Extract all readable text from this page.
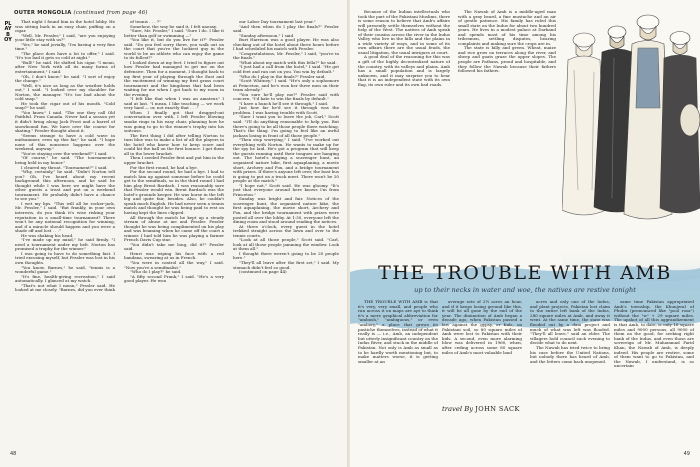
OUTER MONGOLIA (continued from page 46)
PLAYBOY

That night I found him in the hotel lobby. He was sitting back in an easy chair, puffing on a cigar.

"Well, Mr. Fessler," I said, "are you enjoying your little stay with us?"

"Yes," he said jovially, "I'm having a very fine time."

"The place does have a lot to offer," I said. "It's too bad it gets so cold at night."

"Bull!" he said. He shifted his cigar. "I mean, after New York with all its many forms of entertainment," I said.

"Oh, I don't know," he said. "I sort of enjoy the change."

"Well, it's nice as long as the weather holds out," I said. "I looked over my shoulder for Norton, the manager. "It's too bad about the cold snap."

He took the cigar out of his mouth. "Cold snap?" he said.

"You know," I said. "The one they call Old Faithful. From Canada. Never had a season yet it didn't bring along Jack Frost and a barrel of snowbound fun. We have over the course for skating." Fessler thought about it.

"Seems strange to have a cold wave in midsummer, even up this far," he said. "I hope none of this nonsense happens over the weekend, anyway."

"You're staying over the weekend?" I said.

"Of course," he said. "The tournament's being held in my honor."

I cleared my throat. "Tournament?" I said.

"Why, certainly," he said. "Didn't Norton tell you? Oh, I've heard about my recent background this afternoon, and he said he thought while I was here we might have the other guests a treat and put on a weekend tournament. He probably didn't have a chance to see you."

I wet my lips. "This will all be rocker-jack, Mr. Fessler," I said. "But frankly, in your own interests, do you think it's wise risking your reputation in a small-time tournament? There won't be any national recognition for winning, and if a miracle should happen and you were a shade off and lost . . ."

He was shaking his head.

"I've made up my mind," he said firmly. "I need a tournament under my belt. Norton has promised a trophy for the winner."

I was going to have to do something fast. I tried excusing myself, but Fessler was lost in his own thoughts.

"You know, Barnes," he said, "tennis is a wonderful game."

"It's fine, health-giving recreation," I said automatically. I glanced at my watch.

"That's not what I mean," Fessler said. He looked at me closely. "Barnes, did you ever think

of tennis . . . ?"

Somehow, the way he said it, I felt uneasy.

"Sure, Mr. Fessler," I said. "Sure I do. I like it better than golf or swimming —"

"You like it, but do you live for it?" Fessler said. "Do you feel sorry there, you walk out on the court that you're the luckiest guy in the world to be an athlete who can enjoy the game to its fullest?"

I looked down at my feet. I tried to figure out how Fessler had managed to get me on the defensive. Then for a moment, I thought back to my first year of playing through the East and the excitement of winning my first grass court tournament and the kingdoms that had been waiting for me when I got back to my room in the evening.

"I felt like that when I was an amateur," I said at last. "I mean, I like teaching — we work very hard — or, not exactly that . . ."

When I finally got that dragged-out conversation over with, I left Fessler blowing smoke rings in his easy chair, planning how he was going to go to the winner's trophy into his suitcase.

The first thing I did after telling Norton to turn blue was to make a list of all the players in the hotel who knew how to keep score and could hit the ball on the first bounce. I got them all in the lower bracket.

Then I seeded Fessler first and put him in the upper bracket.

For the first round, he had a bye.

For the second round, he had a bye. I had to match him up against someone before he could get to the semifinals, so in the third round I had him play Brent Bardach. I was reasonably sure that Fessler would win. Brent Bardach was the hotel's grounds keeper. He was horse in the left leg and quite fair, besides. Also, he couldn't speak much English. He had never seen a tennis match and thought he was being paid to rest on having kept the lines clipped.

All through the match he kept up a steady stream of abuse at me and Fessler. Fessler thought he was being complimented on his play and was beaming when he came off the court a winner. I had told him he was playing a farmer French Davis Cup star.

"You didn't take me long, did it?" Fessler said.

Henri was wiping his face with a red bandana, swearing at us in French.

"You were in control all the way," I said. "Now you're a semifinalist."

"Who do I play?" he said.

"A fifty second Frank," I said. "He's a very good player. He won

our Labor Day tournament last year."

"And then when do I play the finals?" Fessler said.

"Sunday afternoon," I said.

Burt Harrison was a good player. He was also checking out of the hotel about three hours before I had scheduled his match with Fessler.

"Congratulations, Mr. Fessler," I said, "you're in the finals."

"What about my match with this fella?" he said.

"I just had a call from the hotel," I said. "He got cold feet and ran out on you. You win by default."

"Who do I play in the finals?" Fessler said.

"Scott Whitney," I said. "He's only a sophomore at Princeton, and he's won her three men on their team already."

"You sure he'll play me?" Fessler said with concern. "I'd hate to win the finals by default."

"I have a hunch he'll see it through," I said.

Just how far he'd see it through was the problem. I was having trouble with Scott.

"Sure I want you to leave the job, Carl," Scott said. "I'll do anything reasonable to help you. But there's going to be all those people there watching. That's the thing. I'm going to feel like an awful jackass losing in front of all those people."

"Then stop worrying," I said. "I've worked out everything with Norton. He wants to make up for the spy he laid. He's got a program that will keep the guests running until their tongues are hanging out. The hotel's staging a scavenger hunt, an organized nature hike, first aquaplaning, a movie short, Archery and Fox, and a bridge tournament with prizes. If there's anyone left over, the boat bus is going to put on a truck meet. There won't be 20 people at the match."

"I hope not," Scott said. He was gloomy. "It's just that everyone around here knows I'm from Princeton."

Sunday was bright and fair. Notices of the scavenger hunt, the organized nature hike, the first aquaplaning, the movie short, Archery and Fox, and the bridge tournament with prizes were posted all over the lobby. At 1:30, everyone left the dining room and stood around reading the notices.

At three o'clock, every guest in the hotel trekked straight across the lawn and over to the tennis courts.

"Look at all those people," Scott said. "Carl, look at all those people jamming the window. Look at them all."

I thought there weren't going to be 20 people here."

"They'll all leave after the first set," I said. My stomach didn't feel so good.

(continued on page 44)

48

Because of the Indian intellectuals who took the part of the Pakistani Muslims, there is some reason to believe that Amb's affairs will presently settle themselves without the help of the West. The natives of Amb speak of their cousins across the river in the Indus Valley who live in the hills and the plains in a wide variety of ways, and in some of its own affairs there are the usual feuds, the usual litigation, the usual intrigues at court.

A good deal of the reasoning for this was a gift of the highly decentralized nature of the country, with its valleys and plains. Amb has a small population and is largely unknown, and it may surprise you to hear that it is an independent state with its own flag, its own ruler and its own bad roads.

The Nawab of Amb is a middle-aged man with a gray beard, a fine mustache and an air of gentle patience. His family has ruled this small state on the Indus for about two hundred years. He lives in a modest palace at Darband and spends most of his time among his tribesmen, settling disputes, hearing complaints and making sure the crops are in.

The state is hilly and green. Wheat, maize and rice grow on terraces along the river, and sheep and goats graze the upper slopes. The people are Pathans, proud and hospitable, and they follow the Nawab because their fathers followed his fathers.

THE TROUBLE WITH AMB
up to their necks in water and woe, the natives are restive tonight

THE TROUBLE WITH AMB is that it's very, very small, and people who run across it on maps are apt to think it's a mere graphical abbreviation for "ambush," "ambiguous," or even "ambery," a place that grows its pastiche themselves, instead of what it really is — i.e., Amb, an independent but utterly insignificant country on the Indus River, and stuck in the middle of Pakistan. Not only is Amb as small as to be hardly worth mentioning but, to make matters worse, it is getting smaller at an

average rate of 2½ acres an hour, and if it keeps losing ground like this, it will be all gone by the end of the year. The diminution of Amb began a decade ago, when Pakistan passed a law against the gypsy, or Kuls, on Pakistani soil, so 80 square miles of Amb were lost to Pakistan with their kids. A second, even more alarming blow was delivered in 1960, when, after ceding across some 80 square miles of Amb's most valuable land

acres and only one of the Indus, and plant projects, Pakistan lost claim to the entire left bank of the Indus, 280 square miles at Amb, and away it went. At the same time, the state was flooded out by a dam project and much of what was left was flooded. "They'll all leave," said an elder. The villagers hold council each evening to decide what to do next.

The Nawab has tried twice to bring his case before the United Nations, but nobody there has heard of Amb, and the letters come back unopened.

same time Pakistan appropriated Amb's township, the Khunjeral of Phulra (pronounced like "pool rosa") without the "w" + 29 square miles. The upshot of all this aggrandizement is that Amb, to date, is only 16 square miles and 9000 persons, all 9000 of them on the good, for seeking right bank of the Indus, and even those are sovereign of Mr. Muhammad Farid Khan, the Nawab of Amb, is deeply indeed. His people are restive, some of them want to go to Pakistan, and the Nawab, I understand, is so uncertain

travel By JOHN SACK
49
